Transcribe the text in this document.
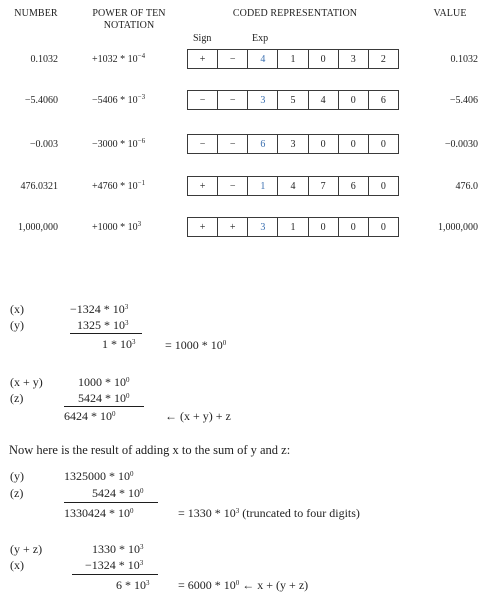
NUMBER	POWER OF TEN
NOTATION
CODED REPRESENTATION	VALUE
Sign	Exp
0.1032	$+1032 * 10^{-4}$	+	−	4	1	0	3	2	0.1032
−5.4060	$-5406 * 10^{-3}$	−	−	3	5	4	0	6	−5.406
−0.003	$-3000 * 10^{-6}$	−	−	6	3	0	0	0	−0.0030
476.0321	$+4760 * 10^{-1}$	+	−	1	4	7	6	0	476.0
1,000,000	$+1000 * 10^3$	+	+	3	1	0	0	0	1,000,000
(x)	$-1324 * 10^3$
(y)	$1325 * 10^3$
$1 * 10^3 = 1000 * 10^0$
(x + y)	$1000 * 10^0$
(z)	$5424 * 10^0$
$6424 * 10^0$	← (x + y) + z
Now here is the result of adding x to the sum of y and z:
(y)	$1325000 * 10^0$
(z)	$5424 * 10^0$
$1330424 * 10^0$	= $1330 * 10^3$ (truncated to four digits)
(y + z)	$1330 * 10^3$
(x)	$-1324 * 10^3$
$6 * 10^3 = 6000 * 10^0$ ← x + (y + z)
